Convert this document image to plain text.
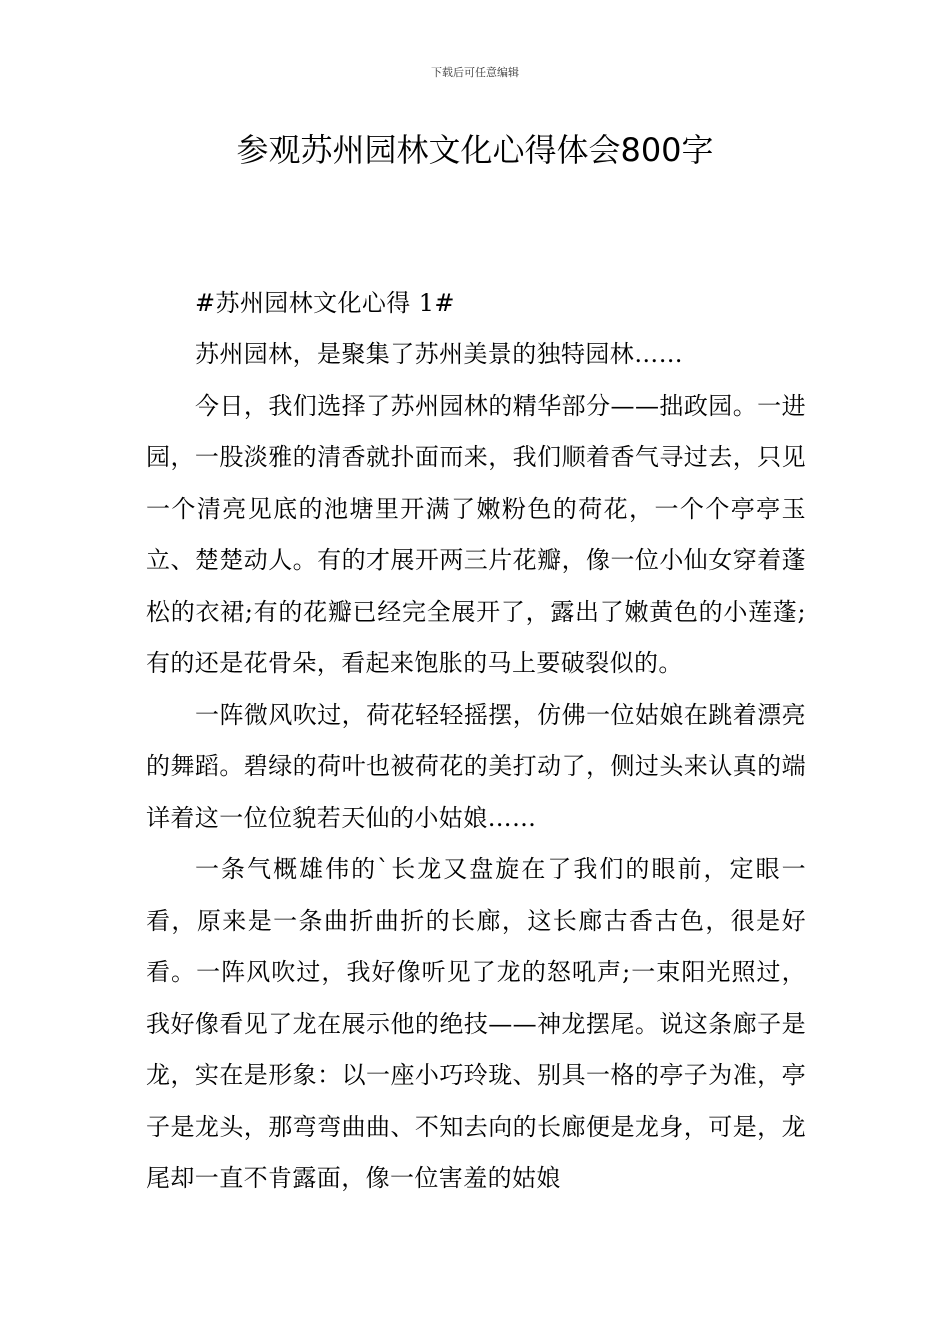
下载后可任意编辑
参观苏州园林文化心得体会800字

#苏州园林文化心得 1#

苏州园林，是聚集了苏州美景的独特园林……

今日，我们选择了苏州园林的精华部分——拙政园。一进园，一股淡雅的清香就扑面而来，我们顺着香气寻过去，只见一个清亮见底的池塘里开满了嫩粉色的荷花，一个个亭亭玉立、楚楚动人。有的才展开两三片花瓣，像一位小仙女穿着蓬松的衣裙;有的花瓣已经完全展开了，露出了嫩黄色的小莲蓬;有的还是花骨朵，看起来饱胀的马上要破裂似的。

一阵微风吹过，荷花轻轻摇摆，仿佛一位姑娘在跳着漂亮的舞蹈。碧绿的荷叶也被荷花的美打动了，侧过头来认真的端详着这一位位貌若天仙的小姑娘……

一条气概雄伟的`长龙又盘旋在了我们的眼前，定眼一看，原来是一条曲折曲折的长廊，这长廊古香古色，很是好看。一阵风吹过，我好像听见了龙的怒吼声;一束阳光照过，我好像看见了龙在展示他的绝技——神龙摆尾。说这条廊子是龙，实在是形象：以一座小巧玲珑、别具一格的亭子为准，亭子是龙头，那弯弯曲曲、不知去向的长廊便是龙身，可是，龙尾却一直不肯露面，像一位害羞的姑娘
